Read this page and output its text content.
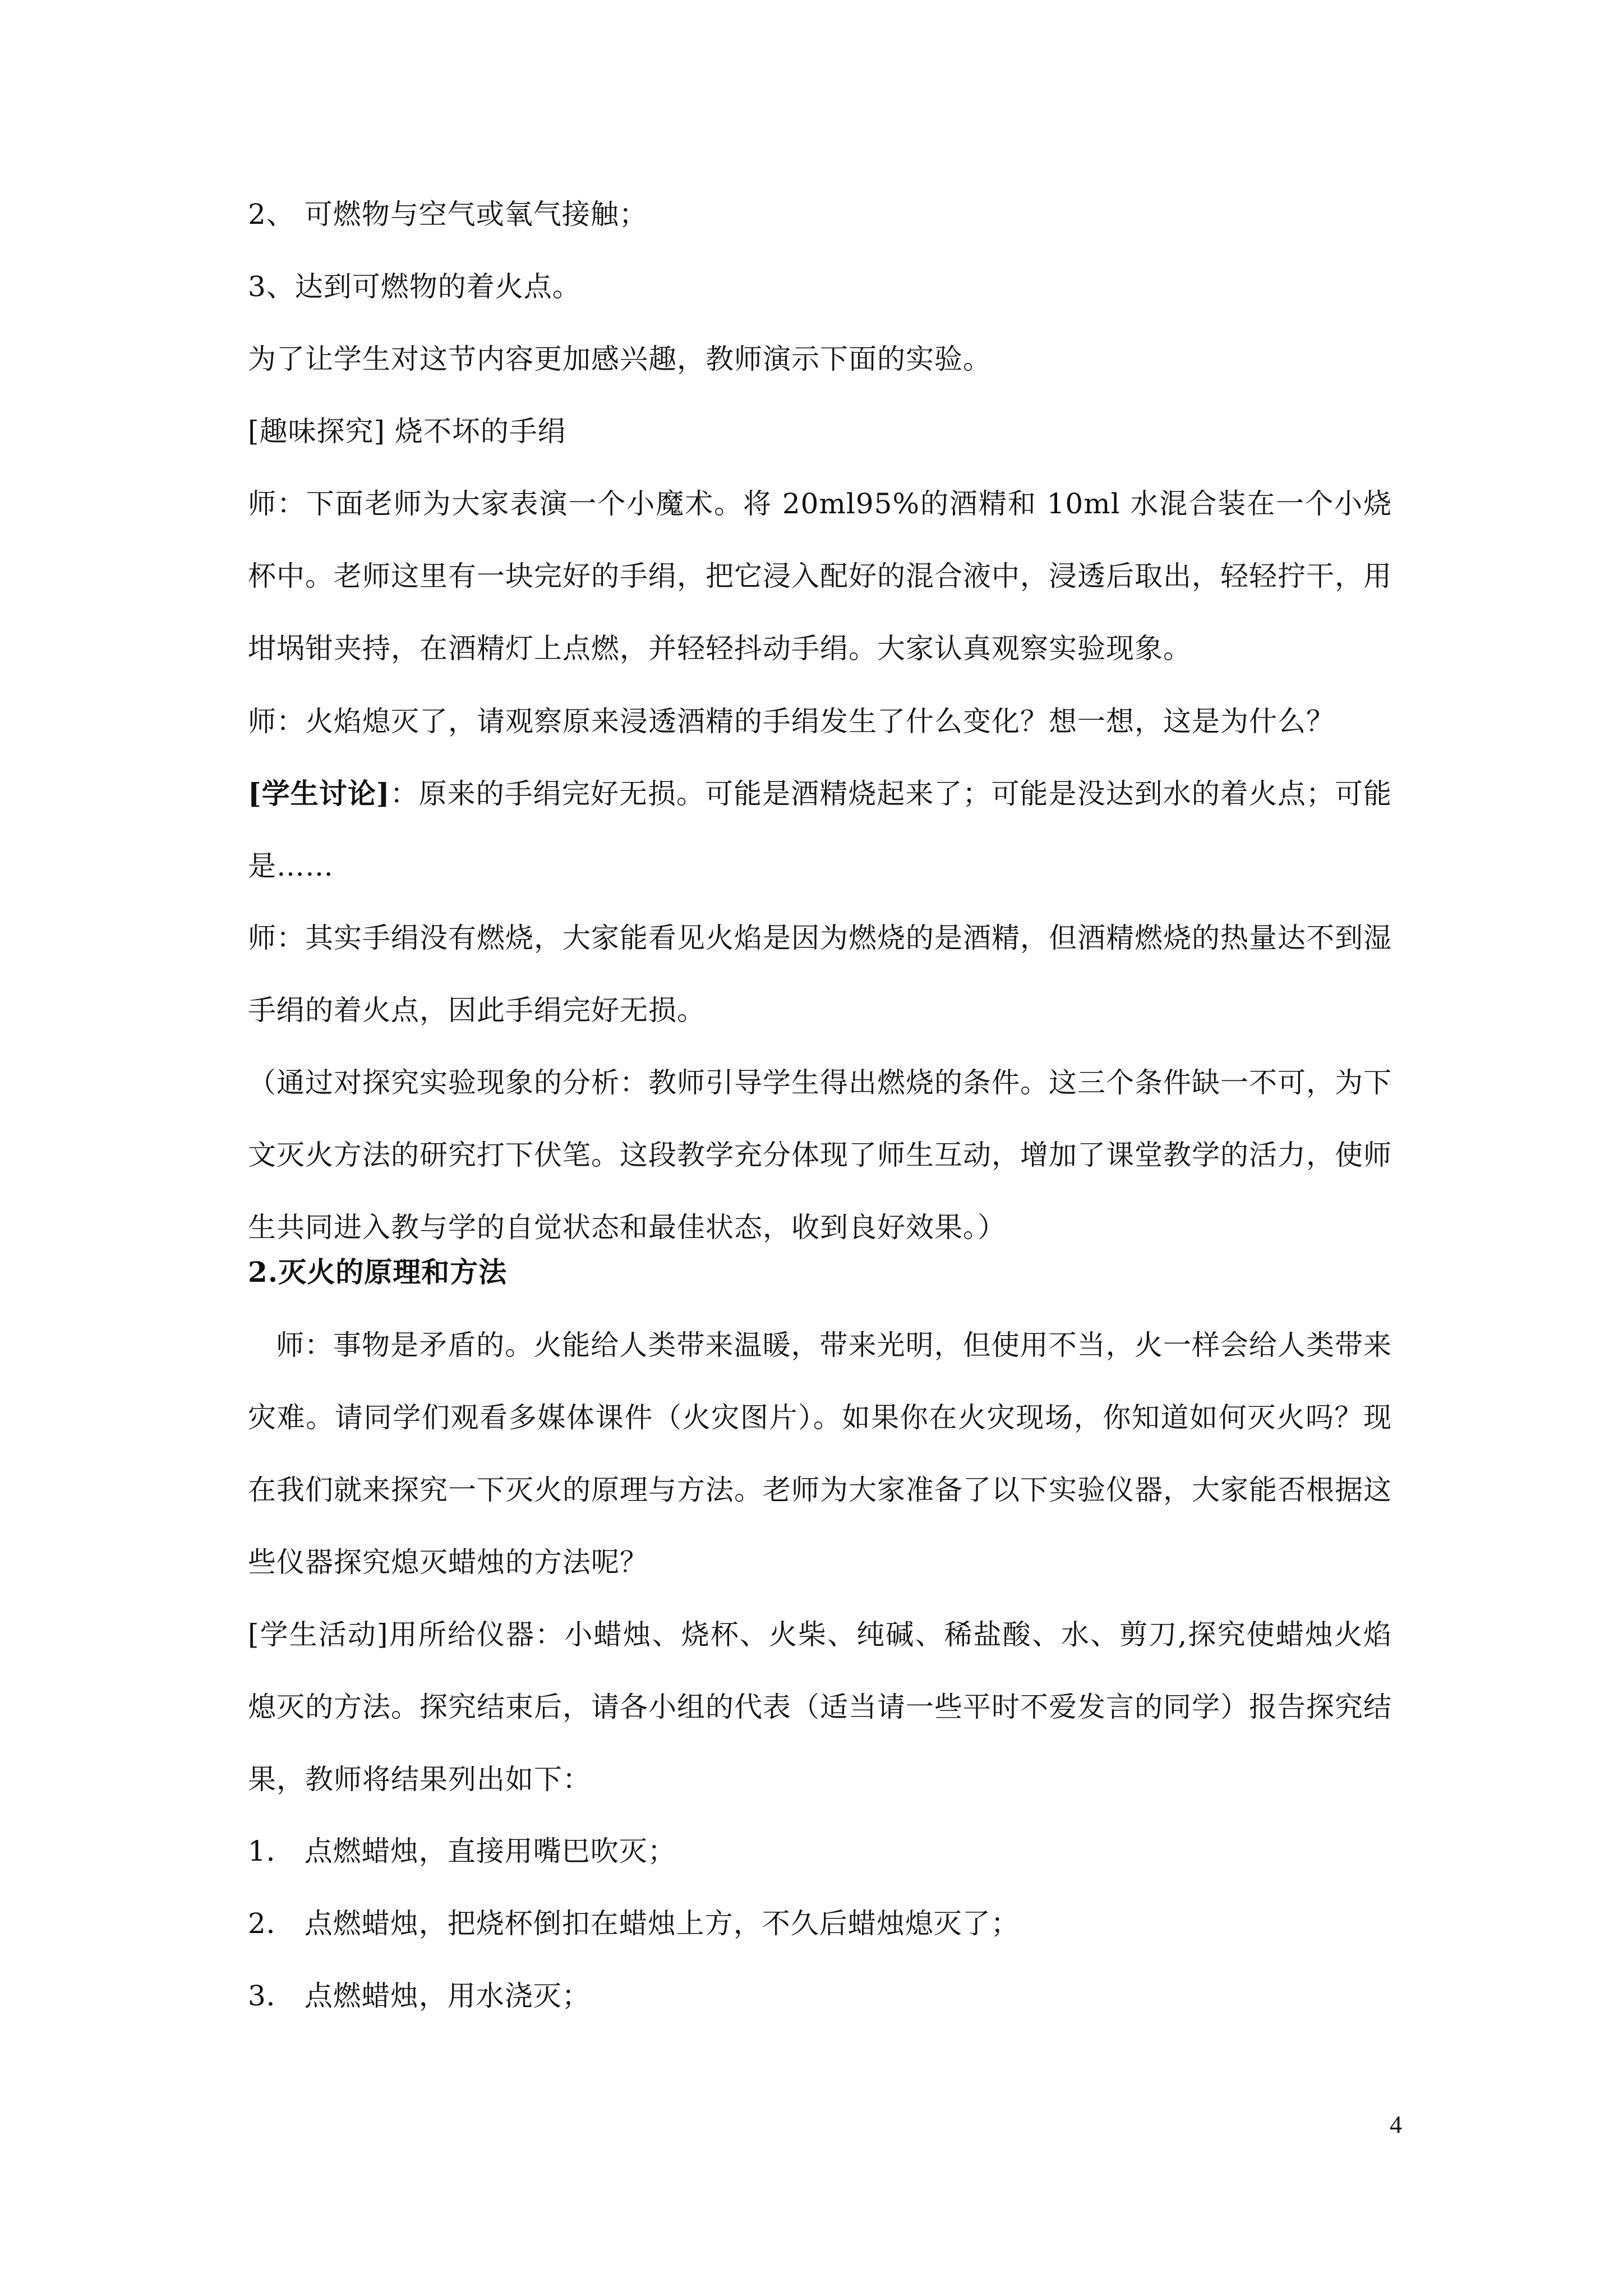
2、 可燃物与空气或氧气接触；
3、达到可燃物的着火点。
为了让学生对这节内容更加感兴趣，教师演示下面的实验。
[趣味探究] 烧不坏的手绢
师：下面老师为大家表演一个小魔术。将 20ml95%的酒精和 10ml 水混合装在一个小烧杯中。老师这里有一块完好的手绢，把它浸入配好的混合液中，浸透后取出，轻轻拧干，用坩埚钳夹持，在酒精灯上点燃，并轻轻抖动手绢。大家认真观察实验现象。
师：火焰熄灭了，请观察原来浸透酒精的手绢发生了什么变化？想一想，这是为什么？
[学生讨论]：原来的手绢完好无损。可能是酒精烧起来了；可能是没达到水的着火点；可能是……
师：其实手绢没有燃烧，大家能看见火焰是因为燃烧的是酒精，但酒精燃烧的热量达不到湿手绢的着火点，因此手绢完好无损。
（通过对探究实验现象的分析：教师引导学生得出燃烧的条件。这三个条件缺一不可，为下文灭火方法的研究打下伏笔。这段教学充分体现了师生互动，增加了课堂教学的活力，使师生共同进入教与学的自觉状态和最佳状态，收到良好效果。）
2.灭火的原理和方法
师：事物是矛盾的。火能给人类带来温暖，带来光明，但使用不当，火一样会给人类带来灾难。请同学们观看多媒体课件（火灾图片）。如果你在火灾现场，你知道如何灭火吗？现在我们就来探究一下灭火的原理与方法。老师为大家准备了以下实验仪器，大家能否根据这些仪器探究熄灭蜡烛的方法呢？
[学生活动]用所给仪器：小蜡烛、烧杯、火柴、纯碱、稀盐酸、水、剪刀,探究使蜡烛火焰熄灭的方法。探究结束后，请各小组的代表（适当请一些平时不爱发言的同学）报告探究结果，教师将结果列出如下：
1． 点燃蜡烛，直接用嘴巴吹灭；
2． 点燃蜡烛，把烧杯倒扣在蜡烛上方，不久后蜡烛熄灭了；
3． 点燃蜡烛，用水浇灭；
4
